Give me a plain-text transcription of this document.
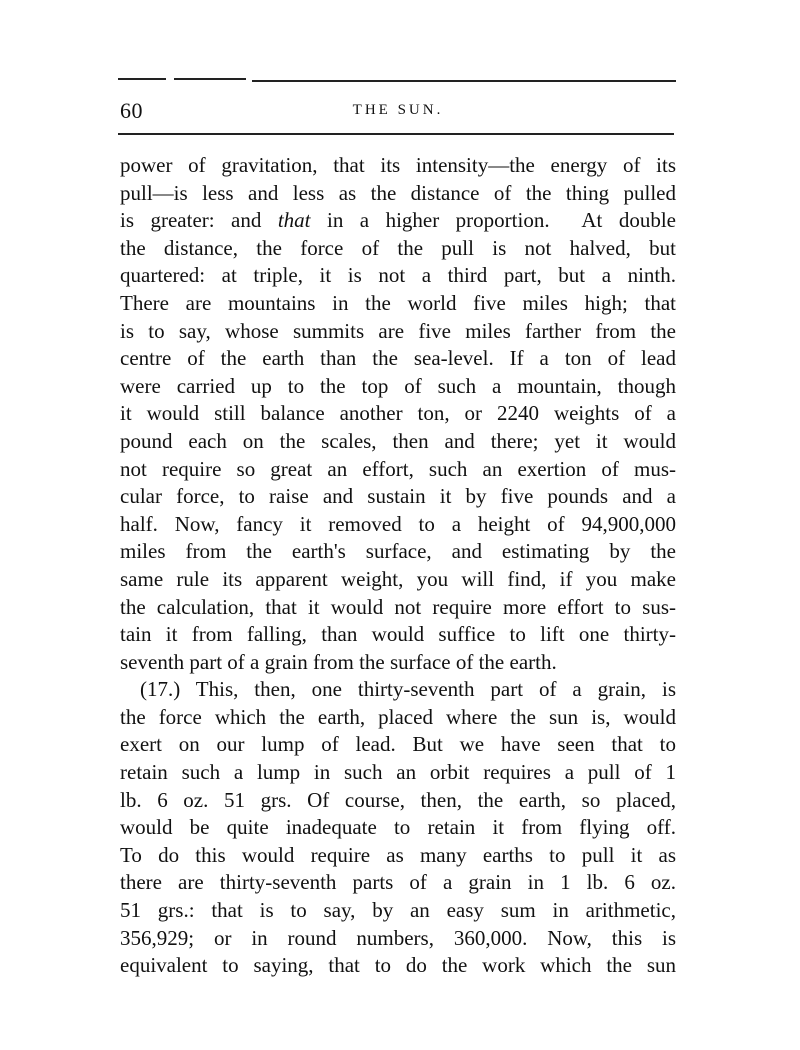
60	THE SUN.
power of gravitation, that its intensity—the energy of its
pull—is less and less as the distance of the thing pulled
is greater: and that in a higher proportion.  At double
the distance, the force of the pull is not halved, but
quartered: at triple, it is not a third part, but a ninth.
There are mountains in the world five miles high; that
is to say, whose summits are five miles farther from the
centre of the earth than the sea-level. If a ton of lead
were carried up to the top of such a mountain, though
it would still balance another ton, or 2240 weights of a
pound each on the scales, then and there; yet it would
not require so great an effort, such an exertion of mus-
cular force, to raise and sustain it by five pounds and a
half. Now, fancy it removed to a height of 94,900,000
miles from the earth's surface, and estimating by the
same rule its apparent weight, you will find, if you make
the calculation, that it would not require more effort to sus-
tain it from falling, than would suffice to lift one thirty-
seventh part of a grain from the surface of the earth.
(17.) This, then, one thirty-seventh part of a grain, is
the force which the earth, placed where the sun is, would
exert on our lump of lead. But we have seen that to
retain such a lump in such an orbit requires a pull of 1
lb. 6 oz. 51 grs. Of course, then, the earth, so placed,
would be quite inadequate to retain it from flying off.
To do this would require as many earths to pull it as
there are thirty-seventh parts of a grain in 1 lb. 6 oz.
51 grs.: that is to say, by an easy sum in arithmetic,
356,929; or in round numbers, 360,000. Now, this is
equivalent to saying, that to do the work which the sun
